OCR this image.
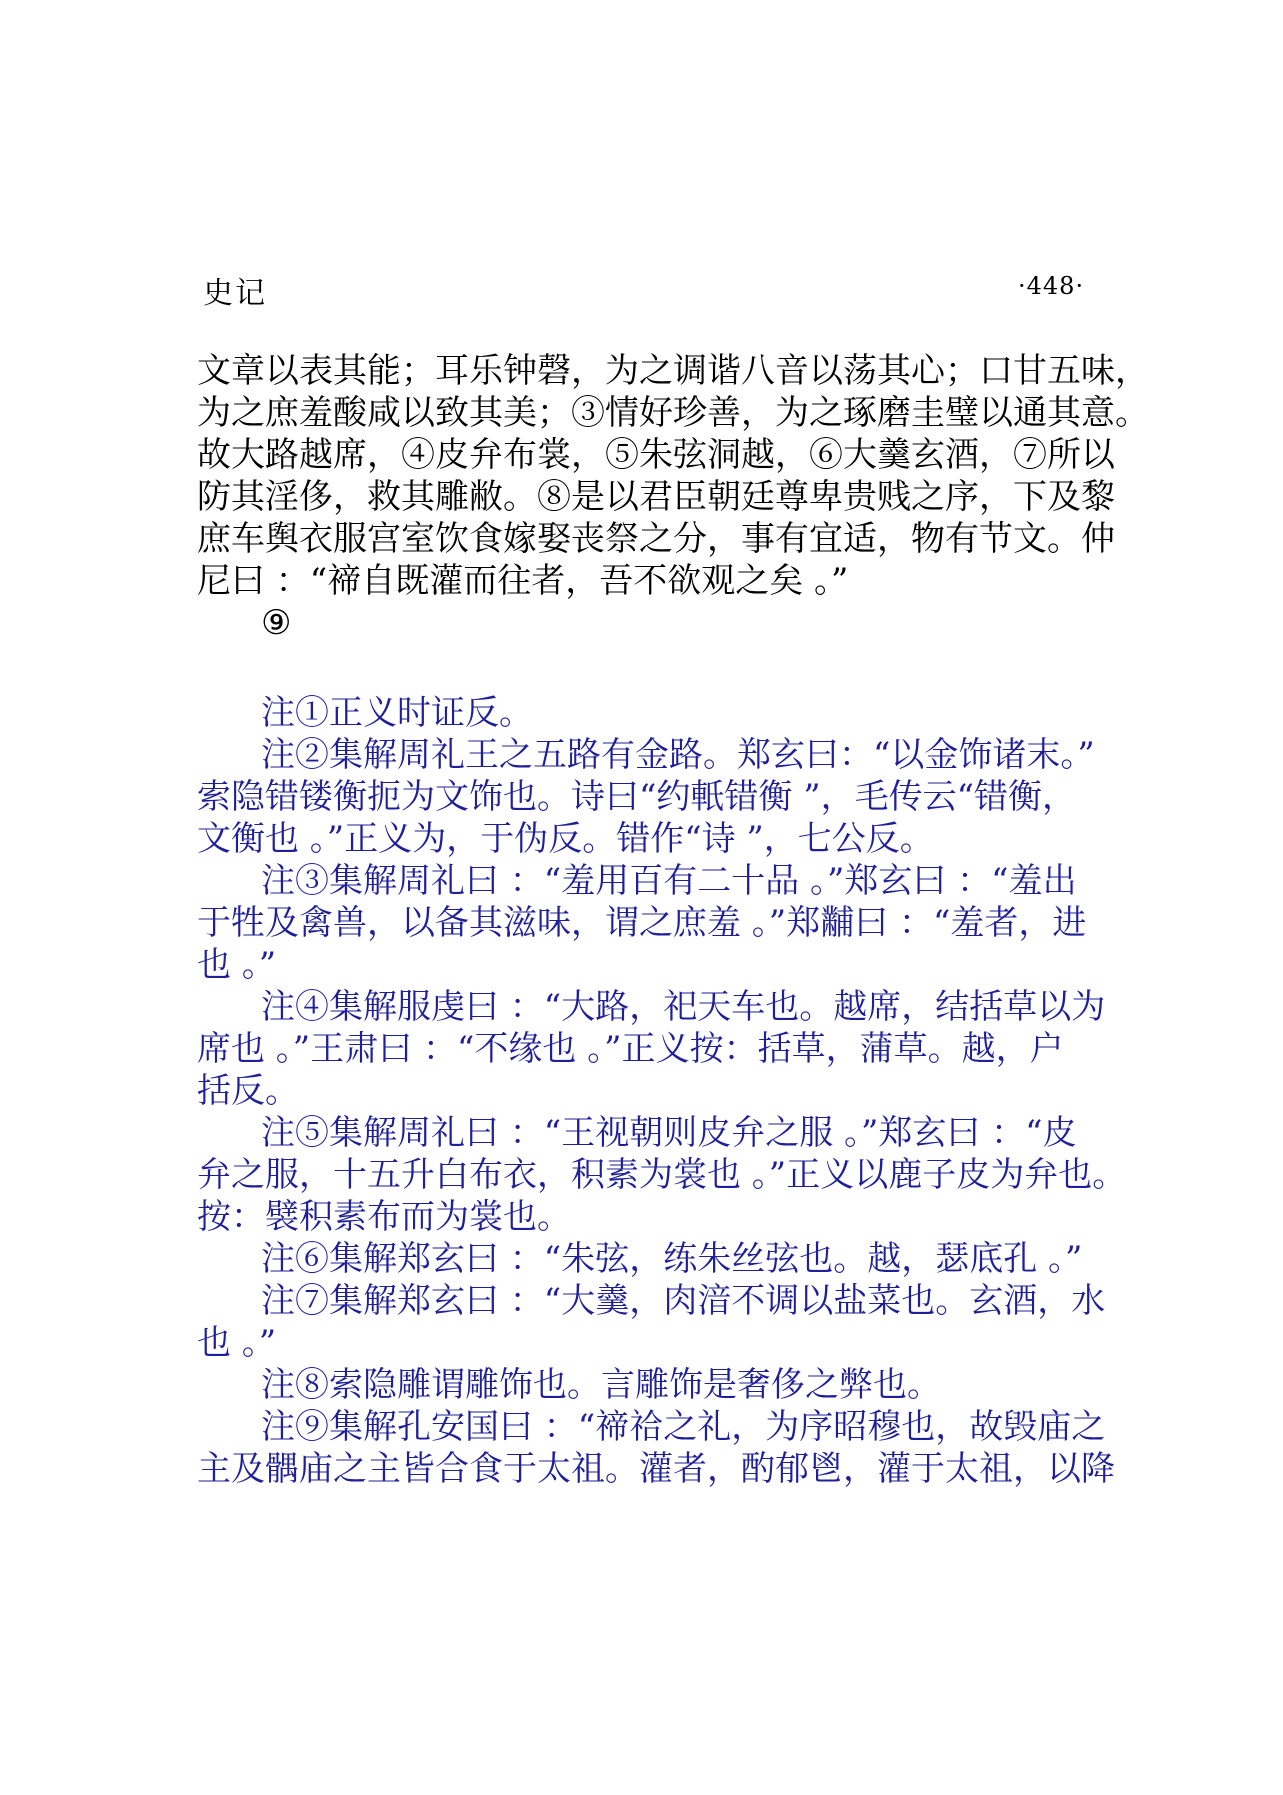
史记	·448·
文章以表其能；耳乐钟磬，为之调谐八音以荡其心；口甘五味，
为之庶羞酸咸以致其美；③情好珍善，为之琢磨圭璧以通其意。
故大路越席，④皮弁布裳，⑤朱弦洞越，⑥大羹玄酒，⑦所以
防其淫侈，救其雕敝。⑧是以君臣朝廷尊卑贵贱之序，下及黎
庶车舆衣服宫室饮食嫁娶丧祭之分，事有宜适，物有节文。仲
尼曰 ：“禘自既灌而往者，吾不欲观之矣 。”
⑨
注①正义时证反。
注②集解周礼王之五路有金路。郑玄曰：“以金饰诸末。”
索隐错镂衡扼为文饰也。诗曰“约軝错衡 ”，毛传云“错衡，
文衡也 。”正义为，于伪反。错作“诗 ”，七公反。
注③集解周礼曰 ：“羞用百有二十品 。”郑玄曰 ：“羞出
于牲及禽兽，以备其滋味，谓之庶羞 。”郑黼曰 ：“羞者，进
也 。”
注④集解服虔曰 ：“大路，祀天车也。越席，结括草以为
席也 。”王肃曰 ：“不缘也 。”正义按：括草，蒲草。越，户
括反。
注⑤集解周礼曰 ：“王视朝则皮弁之服 。”郑玄曰 ：“皮
弁之服，十五升白布衣，积素为裳也 。”正义以鹿子皮为弁也。
按：襞积素布而为裳也。
注⑥集解郑玄曰 ：“朱弦，练朱丝弦也。越，瑟底孔 。”
注⑦集解郑玄曰 ：“大羹，肉湆不调以盐菜也。玄酒，水
也 。”
注⑧索隐雕谓雕饰也。言雕饰是奢侈之弊也。
注⑨集解孔安国曰 ：“禘祫之礼，为序昭穆也，故毁庙之
主及髃庙之主皆合食于太祖。灌者，酌郁鬯，灌于太祖，以降
